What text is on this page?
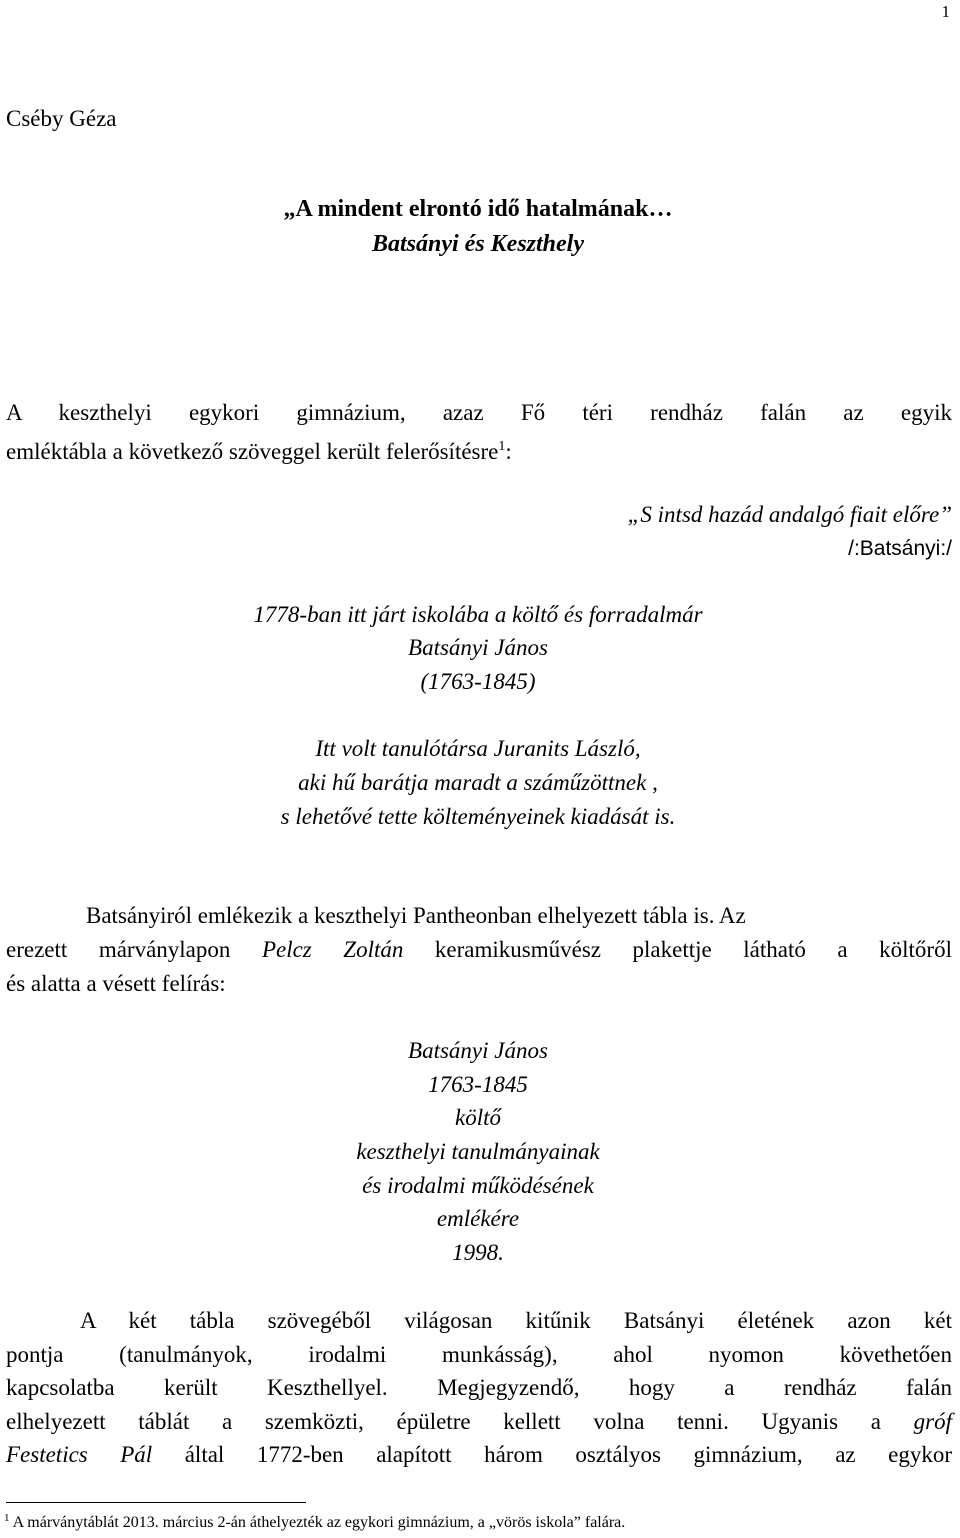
1
Cséby Géza
„A mindent elrontó idő hatalmának…
Batsányi és Keszthely
A keszthelyi egykori gimnázium, azaz Fő téri rendház falán az egyik
emléktábla a következő szöveggel került felerősítésre$^1$:
„S intsd hazád andalgó fiait előre”
/:Batsányi:/
1778-ban itt járt iskolába a költő és forradalmár
Batsányi János
(1763-1845)
Itt volt tanulótársa Juranits László,
aki hű barátja maradt a száműzöttnek ,
s lehetővé tette költeményeinek kiadását is.
Batsányiról emlékezik a keszthelyi Pantheonban elhelyezett tábla is. Az
erezett márványlapon Pelcz Zoltán keramikusművész plakettje látható a költőről
és alatta a vésett felírás:
Batsányi János
1763-1845
költő
keszthelyi tanulmányainak
és irodalmi működésének
emlékére
1998.
A két tábla szövegéből világosan kitűnik Batsányi életének azon két
pontja (tanulmányok, irodalmi munkásság), ahol nyomon követhetően
kapcsolatba került Keszthellyel. Megjegyzendő, hogy a rendház falán
elhelyezett táblát a szemközti, épületre kellett volna tenni. Ugyanis a gróf
Festetics Pál által 1772-ben alapított három osztályos gimnázium, az egykor
$^1$ A márványtáblát 2013. március 2-án áthelyezték az egykori gimnázium, a „vörös iskola” falára.
